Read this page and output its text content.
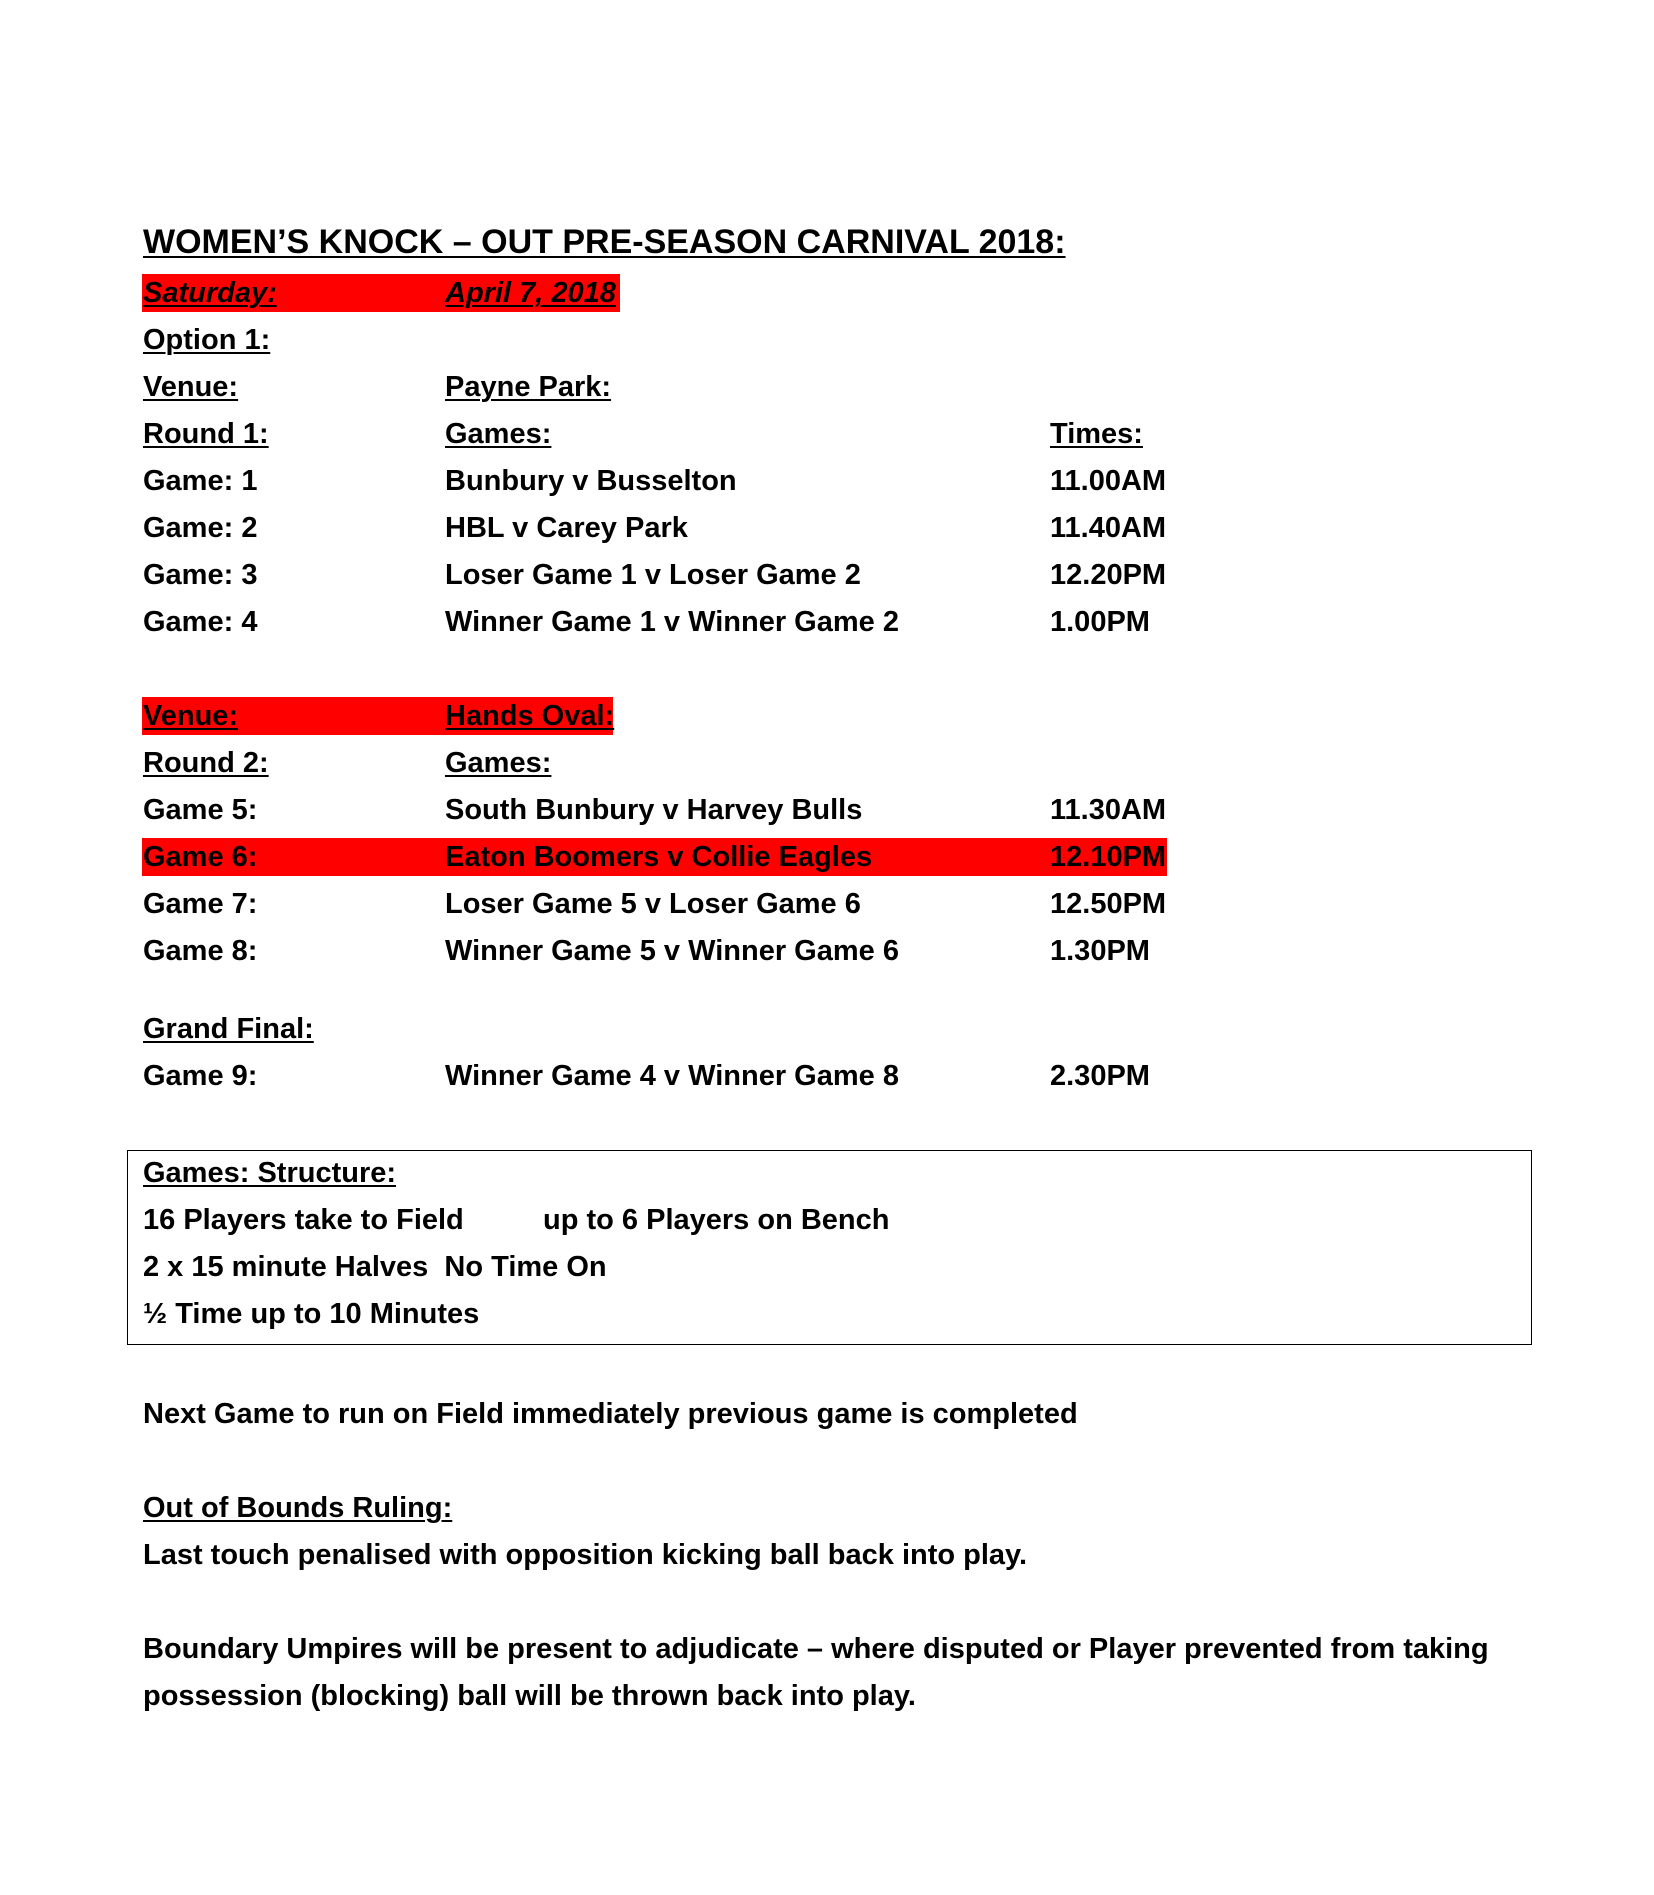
WOMEN’S KNOCK – OUT PRE-SEASON CARNIVAL 2018:
Saturday:	April 7, 2018
Option 1:
Venue:	Payne Park:
Round 1:	Games:	Times:
Game: 1	Bunbury v Busselton	11.00AM
Game: 2	HBL v Carey Park	11.40AM
Game: 3	Loser Game 1 v Loser Game 2	12.20PM
Game: 4	Winner Game 1 v Winner Game 2	1.00PM
Venue:	Hands Oval:
Round 2:	Games:
Game 5:	South Bunbury v Harvey Bulls	11.30AM
Game 6:	Eaton Boomers v Collie Eagles	12.10PM
Game 7:	Loser Game 5 v Loser Game 6	12.50PM
Game 8:	Winner Game 5 v Winner Game 6	1.30PM
Grand Final:
Game 9:	Winner Game 4 v Winner Game 8	2.30PM
Games: Structure:
16 Players take to Field	up to 6 Players on Bench
2 x 15 minute Halves  No Time On
½ Time up to 10 Minutes
Next Game to run on Field immediately previous game is completed
Out of Bounds Ruling:
Last touch penalised with opposition kicking ball back into play.
Boundary Umpires will be present to adjudicate – where disputed or Player prevented from taking
possession (blocking) ball will be thrown back into play.
